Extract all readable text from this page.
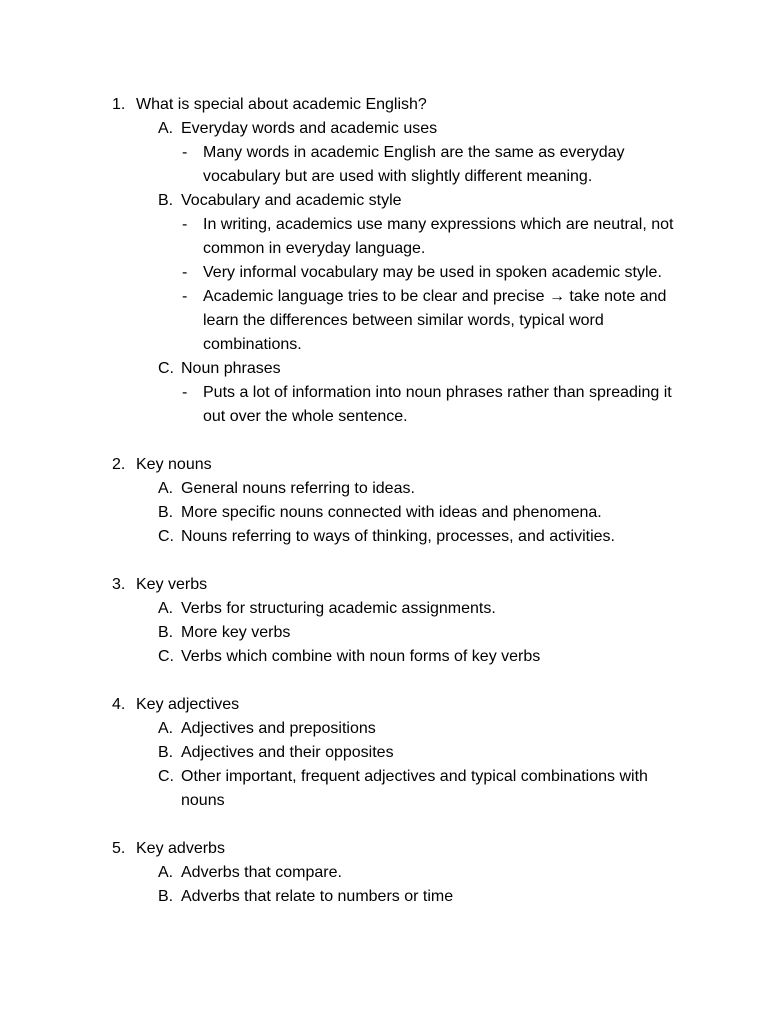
1. What is special about academic English?
A. Everyday words and academic uses
- Many words in academic English are the same as everyday vocabulary but are used with slightly different meaning.
B. Vocabulary and academic style
- In writing, academics use many expressions which are neutral, not common in everyday language.
- Very informal vocabulary may be used in spoken academic style.
- Academic language tries to be clear and precise → take note and learn the differences between similar words, typical word combinations.
C. Noun phrases
- Puts a lot of information into noun phrases rather than spreading it out over the whole sentence.
2. Key nouns
A. General nouns referring to ideas.
B. More specific nouns connected with ideas and phenomena.
C. Nouns referring to ways of thinking, processes, and activities.
3. Key verbs
A. Verbs for structuring academic assignments.
B. More key verbs
C. Verbs which combine with noun forms of key verbs
4. Key adjectives
A. Adjectives and prepositions
B. Adjectives and their opposites
C. Other important, frequent adjectives and typical combinations with nouns
5. Key adverbs
A. Adverbs that compare.
B. Adverbs that relate to numbers or time
